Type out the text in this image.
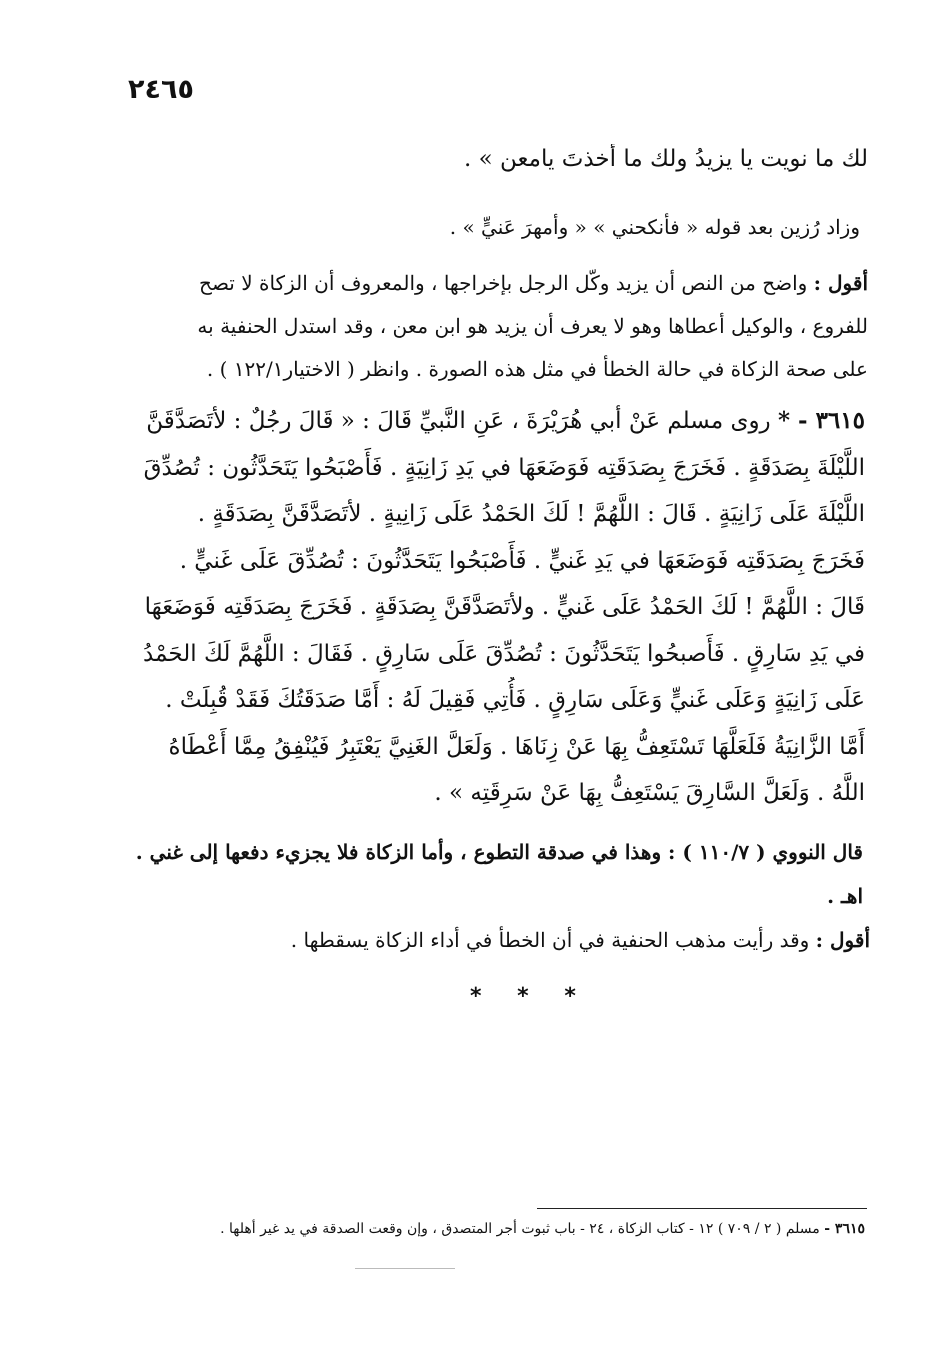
٢٤٦٥
لك ما نويت يا يزيدُ ولك ما أخذتَ يامعن » .
وزاد رُزين بعد قوله « فأنكحني » « وأمهرَ عَنيٍّ » .
أقول : واضح من النص أن يزيد وكّل الرجل بإخراجها ، والمعروف أن الزكاة لا تصح
للفروع ، والوكيل أعطاها وهو لا يعرف أن يزيد هو ابن معن ، وقد استدل الحنفية به
على صحة الزكاة في حالة الخطأ في مثل هذه الصورة . وانظر ( الاختيار١٢٢/١ ) .
٣٦١٥ - * روى مسلم عَنْ أبي هُرَيْرَةَ ، عَنِ النَّبيِّ قَالَ : « قَالَ رجُلٌ : لأتَصَدَّقَنَّ
اللَّيْلَةَ بِصَدَقَةٍ . فَخَرَجَ بِصَدَقَتِه فَوَضَعَهَا في يَدِ زَانِيَةٍ . فَأَصْبَحُوا يَتَحَدَّثُون : تُصُدِّقَ
اللَّيْلَةَ عَلَى زَانِيَةٍ . قَالَ : اللَّهُمَّ ! لَكَ الحَمْدُ عَلَى زَانِيةٍ . لأتَصَدَّقَنَّ بِصَدَقَةٍ .
فَخَرَجَ بِصَدَقَتِه فَوَضَعَهَا في يَدِ غَنيٍّ . فَأَصْبَحُوا يَتَحَدَّثُونَ : تُصُدِّقَ عَلَى غَنيٍّ .
قَالَ : اللَّهُمَّ ! لَكَ الحَمْدُ عَلَى غَنيٍّ . ولأتَصَدَّقَنَّ بِصَدَقَةٍ . فَخَرَجَ بِصَدَقَتِه فَوَضَعَهَا
في يَدِ سَارِقٍ . فَأَصبحُوا يَتَحَدَّثُونَ : تُصُدِّقَ عَلَى سَارِقٍ . فَقَالَ : اللَّهُمَّ لَكَ الحَمْدُ
عَلَى زَانِيَةٍ وَعَلَى غَنيٍّ وَعَلَى سَارِقٍ . فَأُتِي فَقِيلَ لَهُ : أَمَّا صَدَقَتُكَ فَقَدْ قُبِلَتْ .
أَمَّا الزَّانِيَةُ فَلَعَلَّهَا تَسْتَعِفُّ بِهَا عَنْ زِنَاهَا . وَلَعَلَّ الغَنِيَّ يَعْتَبِرُ فَيُنْفِقُ مِمَّا أَعْطَاهُ
اللَّهُ . وَلَعَلَّ السَّارِقَ يَسْتَعِفُّ بِهَا عَنْ سَرِقَتِه » .
قال النووي ( ١١٠/٧ ) : وهذا في صدقة التطوع ، وأما الزكاة فلا يجزيء دفعها إلى غني .
اهـ .
أقول : وقد رأيت مذهب الحنفية في أن الخطأ في أداء الزكاة يسقطها .
* * *
٣٦١٥ - مسلم ( ٢ / ٧٠٩ ) ١٢ - كتاب الزكاة ، ٢٤ - باب ثبوت أجر المتصدق ، وإن وقعت الصدقة في يد غير أهلها .
